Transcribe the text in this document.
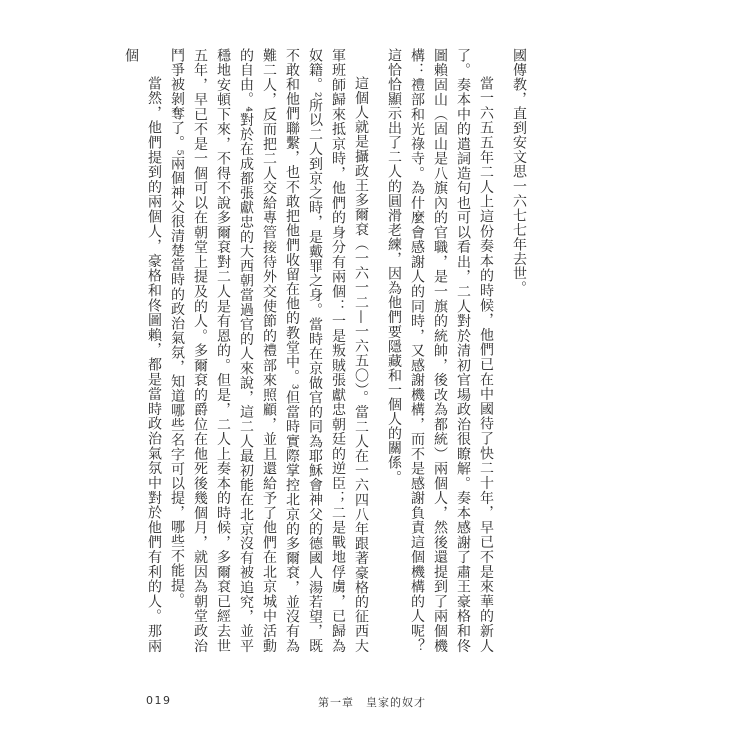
國傳教，直到安文思一六七七年去世。

當一六五五年二人上這份奏本的時候，他們已在中國待了快二十年，早已不是來華的新人了。奏本中的遣詞造句也可以看出，二人對於清初官場政治很瞭解。奏本感謝了肅王豪格和佟圖賴固山（固山是八旗內的官職，是一旗的統帥，後改為都統）兩個人，然後還提到了兩個機構：禮部和光祿寺。為什麼會感謝人的同時，又感謝機構，而不是感謝負責這個機構的人呢？這恰恰顯示出了二人的圓滑老練，因為他們要隱藏和一個人的關係。

這個人就是攝政王多爾袞（一六一二—一六五〇）。當二人在一六四八年跟著豪格的征西大軍班師歸來抵京時，他們的身分有兩個：一是叛賊張獻忠朝廷的逆臣；二是戰地俘虜，已歸為奴籍。²所以二人到京之時，是戴罪之身。當時在京做官的同為耶穌會神父的德國人湯若望，既不敢和他們聯繫，也不敢把他們收留在他的教堂中。³但當時實際掌控北京的多爾袞，並沒有為難二人，反而把二人交給專管接待外交使節的禮部來照顧，並且還給予了他們在北京城中活動的自由。⁴對於在成都張獻忠的大西朝當過官的人來說，這二人最初能在北京沒有被追究，並平穩地安頓下來，不得不說多爾袞對二人是有恩的。但是，二人上奏本的時候，多爾袞已經去世五年，早已不是一個可以在朝堂上提及的人。多爾袞的爵位在他死後幾個月，就因為朝堂政治鬥爭被剝奪了。⁵兩個神父很清楚當時的政治氣氛，知道哪些名字可以提，哪些不能提。

當然，他們提到的兩個人，豪格和佟圖賴，都是當時政治氣氛中對於他們有利的人。那兩個

019	第一章　皇家的奴才
